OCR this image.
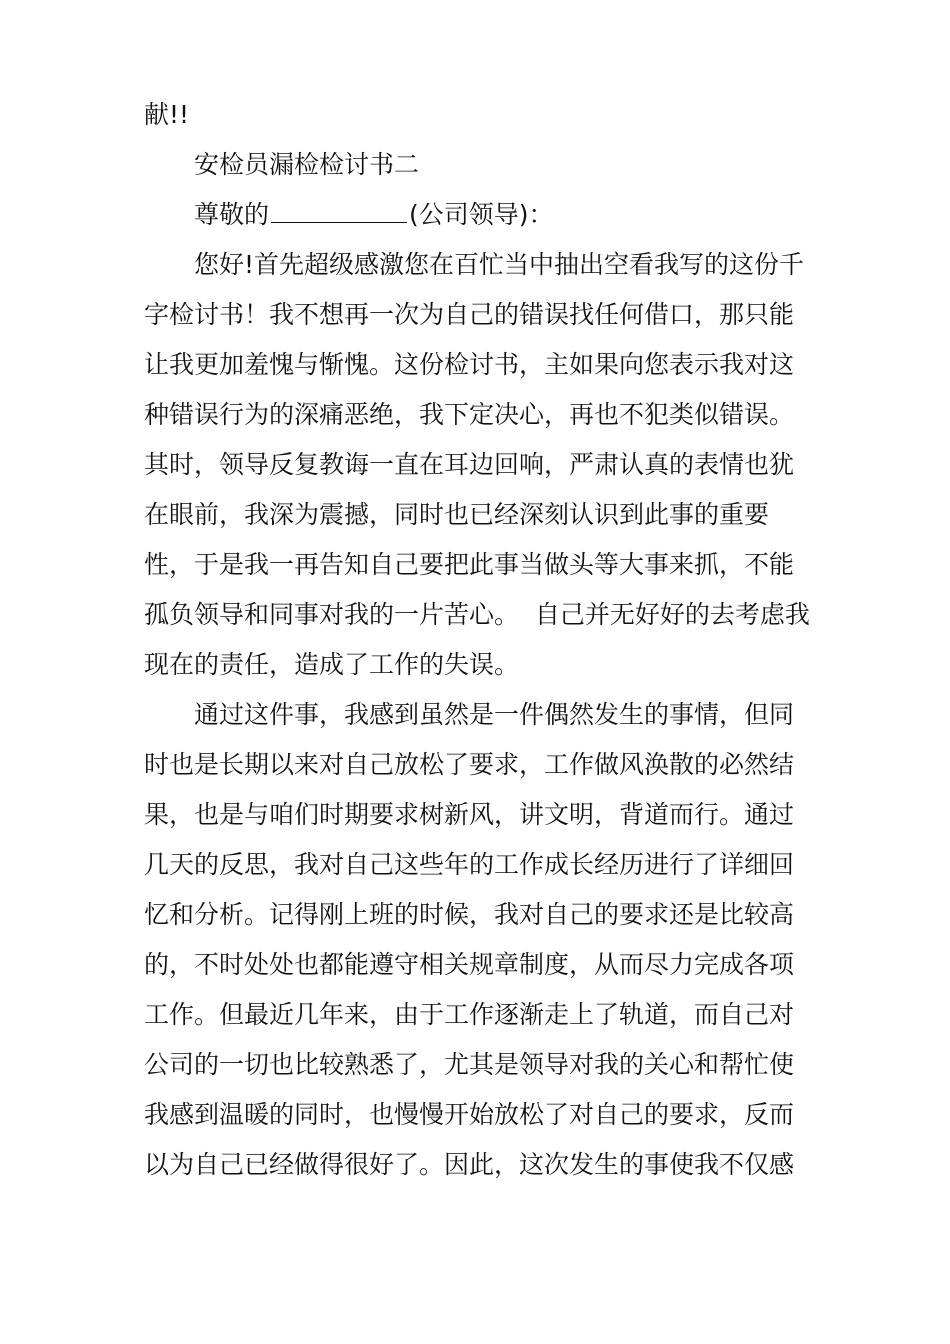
献!!

安检员漏检检讨书二

尊敬的	(公司领导)：

您好!首先超级感激您在百忙当中抽出空看我写的这份千字检讨书！我不想再一次为自己的错误找任何借口，那只能让我更加羞愧与惭愧。这份检讨书，主如果向您表示我对这种错误行为的深痛恶绝，我下定决心，再也不犯类似错误。其时，领导反复教诲一直在耳边回响，严肃认真的表情也犹在眼前，我深为震撼，同时也已经深刻认识到此事的重要性，于是我一再告知自己要把此事当做头等大事来抓，不能孤负领导和同事对我的一片苦心。  自己并无好好的去考虑我现在的责任，造成了工作的失误。

通过这件事，我感到虽然是一件偶然发生的事情，但同时也是长期以来对自己放松了要求，工作做风涣散的必然结果，也是与咱们时期要求树新风，讲文明，背道而行。通过几天的反思，我对自己这些年的工作成长经历进行了详细回忆和分析。记得刚上班的时候，我对自己的要求还是比较高的，不时处处也都能遵守相关规章制度，从而尽力完成各项工作。但最近几年来，由于工作逐渐走上了轨道，而自己对公司的一切也比较熟悉了，尤其是领导对我的关心和帮忙使我感到温暖的同时，也慢慢开始放松了对自己的要求，反而以为自己已经做得很好了。因此，这次发生的事使我不仅感
